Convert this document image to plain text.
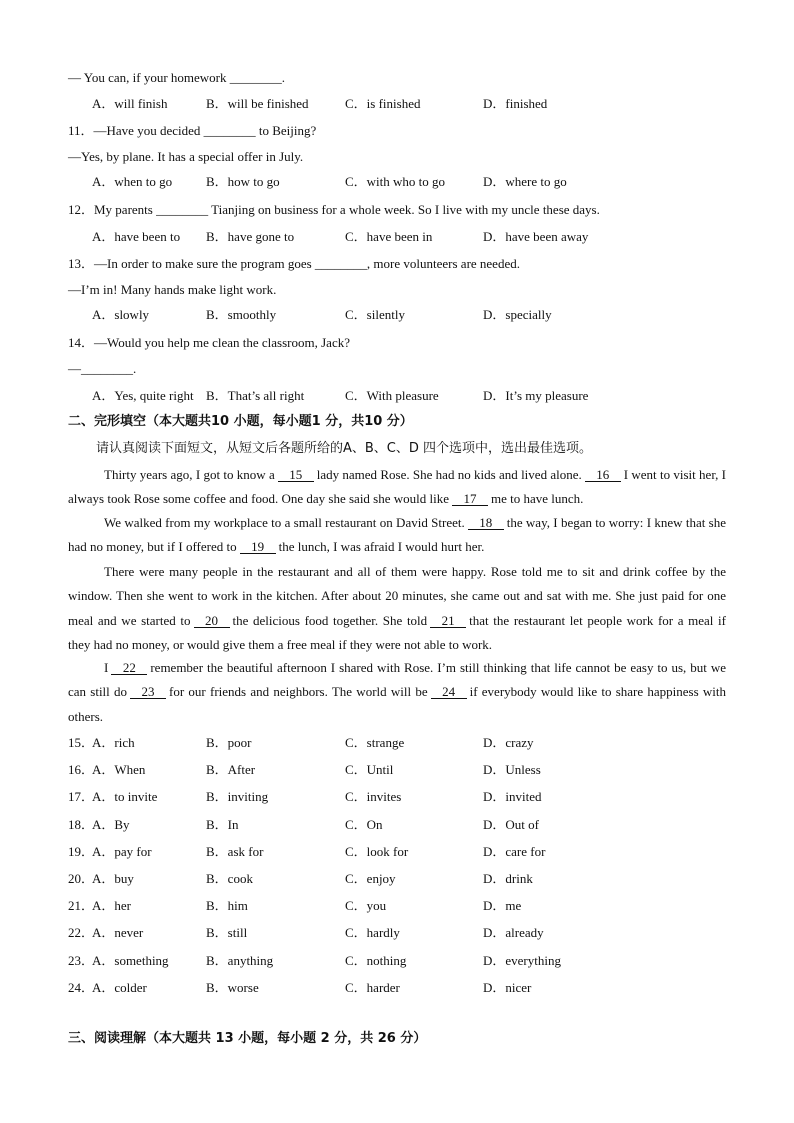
— You can, if your homework ________.
A．will finish	B．will be finished	C．is finished	D．finished
11．—Have you decided ________ to Beijing?
—Yes, by plane. It has a special offer in July.
A．when to go	B．how to go	C．with who to go	D．where to go
12．My parents ________ Tianjing on business for a whole week. So I live with my uncle these days.
A．have been to B．have gone to	C．have been in	D．have been away
13．—In order to make sure the program goes ________, more volunteers are needed.
—I’m in! Many hands make light work.
A．slowly	B．smoothly	C．silently	D．specially
14．—Would you help me clean the classroom, Jack?
—________.
A．Yes, quite right B．That’s all right	C．With pleasure	D．It’s my pleasure
二、完形填空（本大题共10 小题，每小题1 分，共10 分）
请认真阅读下面短文，从短文后各题所给的A、B、C、D 四个选项中，选出最佳选项。
Thirty years ago, I got to know a 15 lady named Rose. She had no kids and lived alone. 16 I went to visit her, I always took Rose some coffee and food. One day she said she would like 17 me to have lunch.
We walked from my workplace to a small restaurant on David Street. 18 the way, I began to worry: I knew that she had no money, but if I offered to 19 the lunch, I was afraid I would hurt her.
There were many people in the restaurant and all of them were happy. Rose told me to sit and drink coffee by the window. Then she went to work in the kitchen. After about 20 minutes, she came out and sat with me. She just paid for one meal and we started to 20 the delicious food together. She told 21 that the restaurant let people work for a meal if they had no money, or would give them a free meal if they were not able to work.
I 22 remember the beautiful afternoon I shared with Rose. I’m still thinking that life cannot be easy to us, but we can still do 23 for our friends and neighbors. The world will be 24 if everybody would like to share happiness with others.
15．
A．rich	B．poor	C．strange	D．crazy
16．
A．When	B．After	C．Until	D．Unless
17．
A．to invite	B．inviting	C．invites	D．invited
18．
A．By	B．In	C．On	D．Out of
19．
A．pay for	B．ask for	C．look for	D．care for
20．
A．buy	B．cook	C．enjoy	D．drink
21．
A．her	B．him	C．you	D．me
22．
A．never	B．still	C．hardly	D．already
23．
A．something	B．anything	C．nothing	D．everything
24．
A．colder	B．worse	C．harder	D．nicer
三、阅读理解（本大题共 13 小题，每小题 2 分，共 26 分）
